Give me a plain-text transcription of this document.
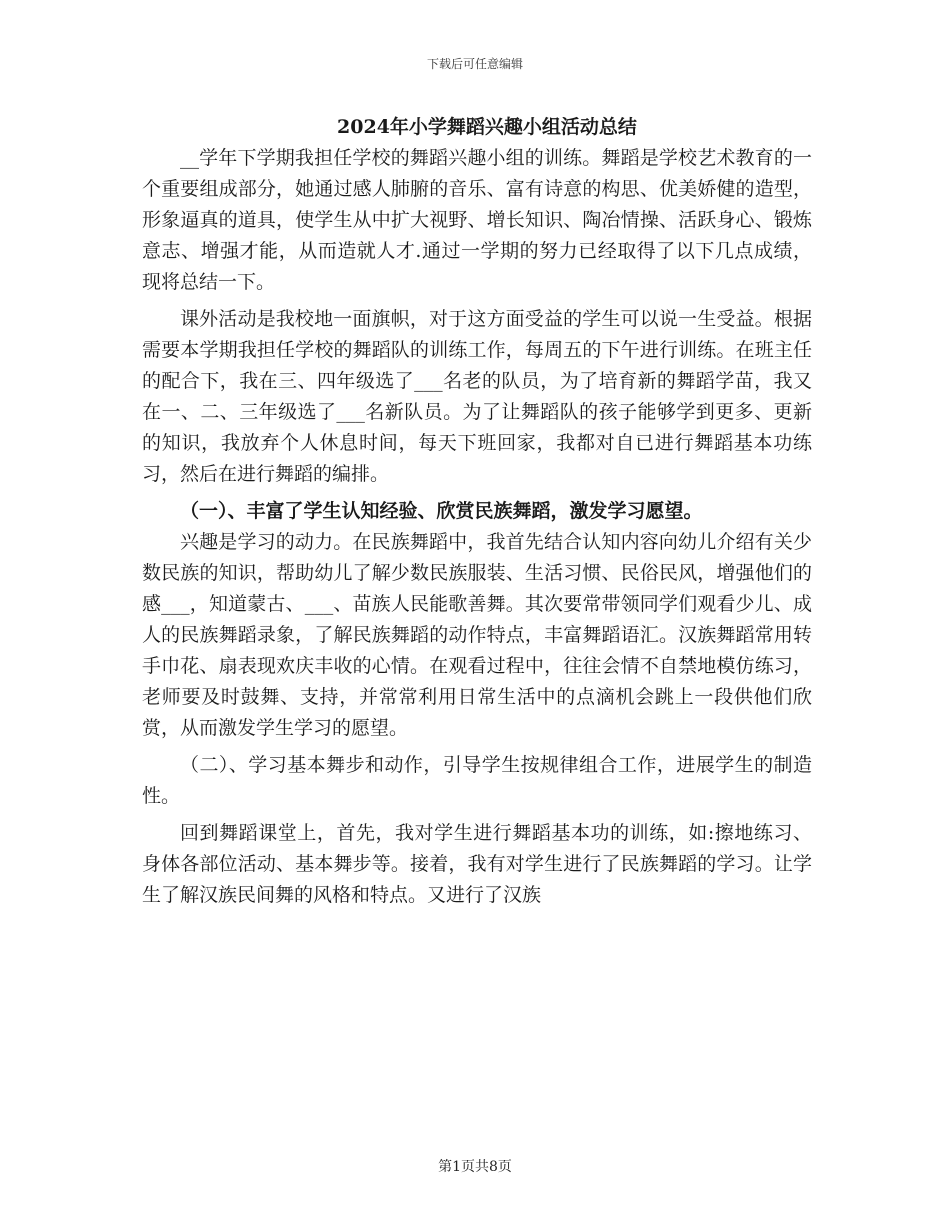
下载后可任意编辑

2024年小学舞蹈兴趣小组活动总结

__学年下学期我担任学校的舞蹈兴趣小组的训练。舞蹈是学校艺术教育的一个重要组成部分，她通过感人肺腑的音乐、富有诗意的构思、优美娇健的造型，形象逼真的道具，使学生从中扩大视野、增长知识、陶冶情操、活跃身心、锻炼意志、增强才能，从而造就人才.通过一学期的努力已经取得了以下几点成绩，现将总结一下。

课外活动是我校地一面旗帜，对于这方面受益的学生可以说一生受益。根据需要本学期我担任学校的舞蹈队的训练工作，每周五的下午进行训练。在班主任的配合下，我在三、四年级选了___名老的队员，为了培育新的舞蹈学苗，我又在一、二、三年级选了___名新队员。为了让舞蹈队的孩子能够学到更多、更新的知识，我放弃个人休息时间，每天下班回家，我都对自已进行舞蹈基本功练习，然后在进行舞蹈的编排。

（一）、丰富了学生认知经验、欣赏民族舞蹈，激发学习愿望。

兴趣是学习的动力。在民族舞蹈中，我首先结合认知内容向幼儿介绍有关少数民族的知识，帮助幼儿了解少数民族服装、生活习惯、民俗民风，增强他们的感___，知道蒙古、___、苗族人民能歌善舞。其次要常带领同学们观看少儿、成人的民族舞蹈录象，了解民族舞蹈的动作特点，丰富舞蹈语汇。汉族舞蹈常用转手巾花、扇表现欢庆丰收的心情。在观看过程中，往往会情不自禁地模仿练习，老师要及时鼓舞、支持，并常常利用日常生活中的点滴机会跳上一段供他们欣赏，从而激发学生学习的愿望。

（二）、学习基本舞步和动作，引导学生按规律组合工作，进展学生的制造性。

回到舞蹈课堂上，首先，我对学生进行舞蹈基本功的训练，如:擦地练习、身体各部位活动、基本舞步等。接着，我有对学生进行了民族舞蹈的学习。让学生了解汉族民间舞的风格和特点。又进行了汉族

第1页共8页
